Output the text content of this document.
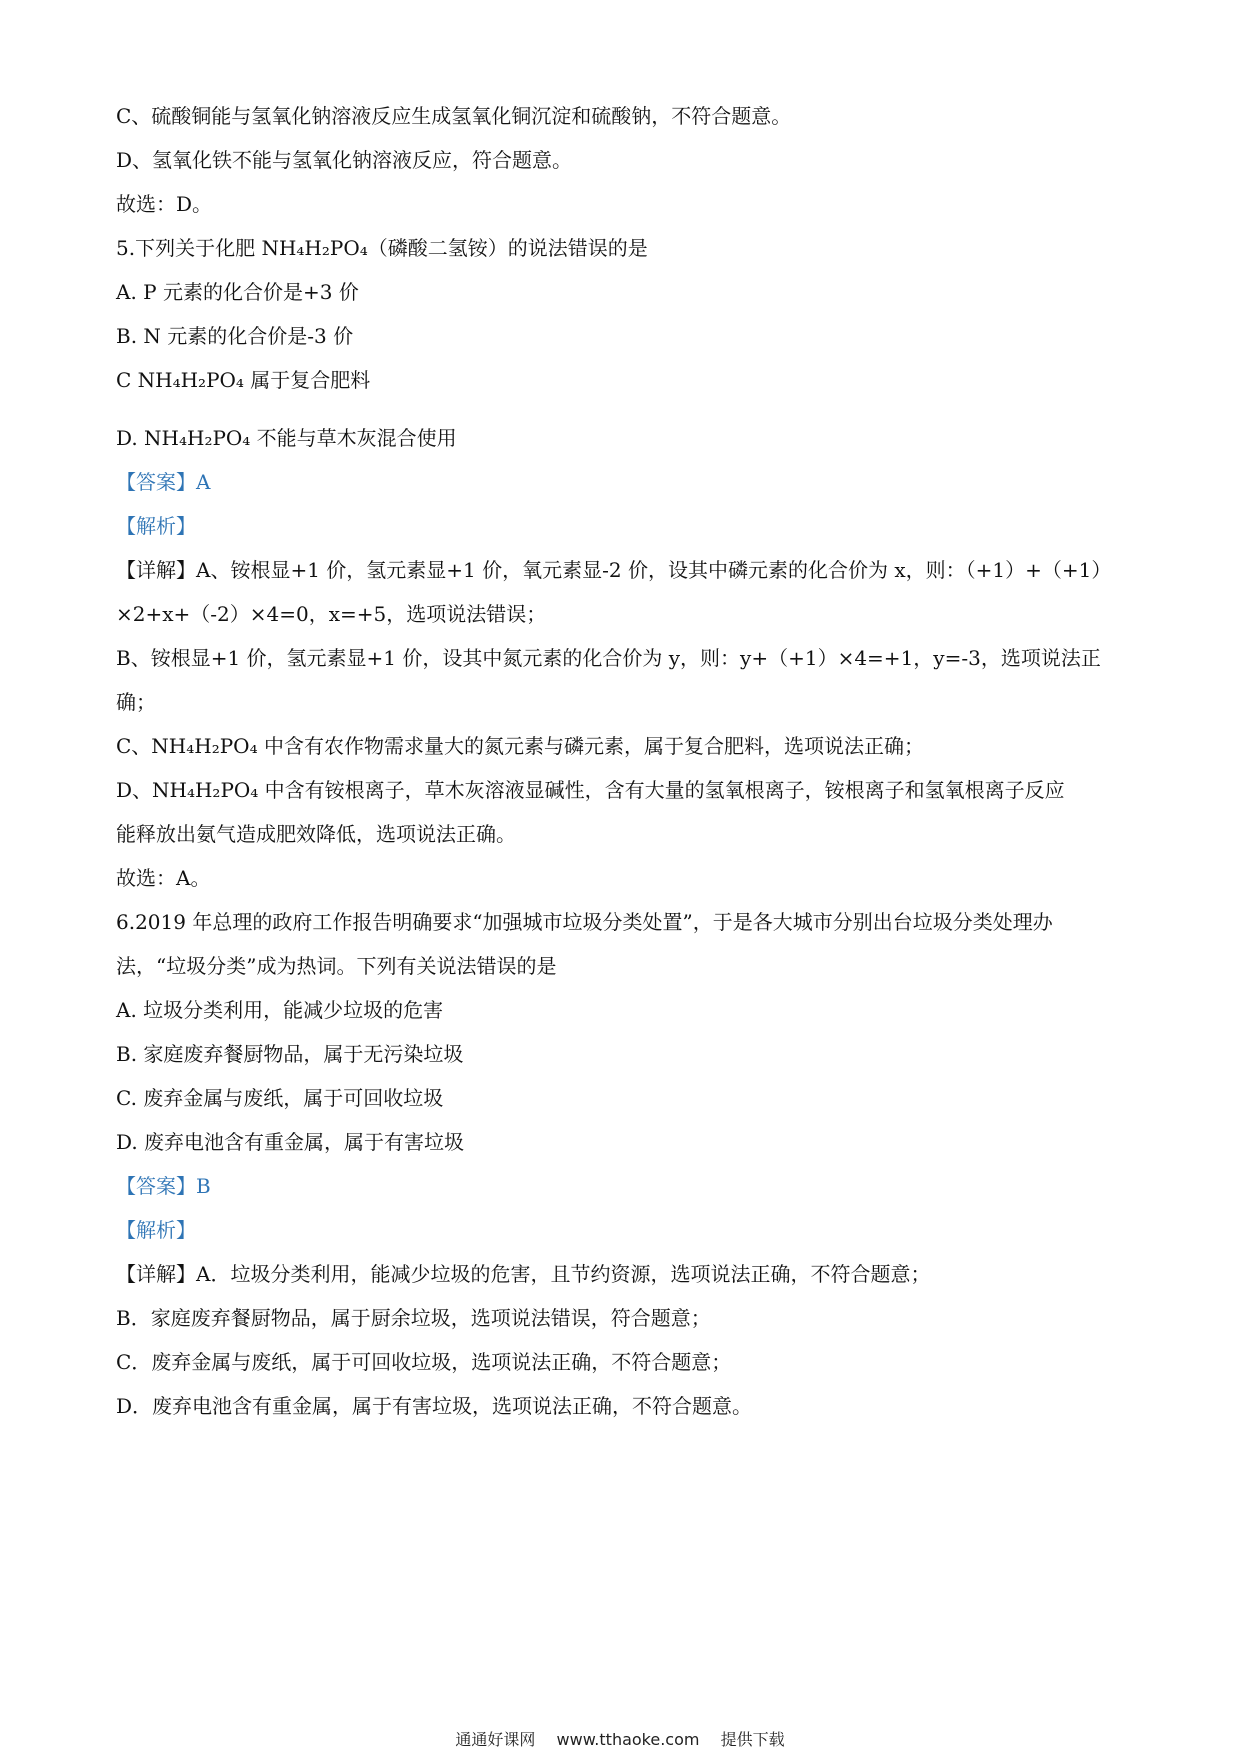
C、硫酸铜能与氢氧化钠溶液反应生成氢氧化铜沉淀和硫酸钠，不符合题意。
D、氢氧化铁不能与氢氧化钠溶液反应，符合题意。
故选：D。
5.下列关于化肥 NH₄H₂PO₄（磷酸二氢铵）的说法错误的是
A. P 元素的化合价是+3 价
B. N 元素的化合价是-3 价
C NH₄H₂PO₄ 属于复合肥料
D. NH₄H₂PO₄ 不能与草木灰混合使用
【答案】A
【解析】
【详解】A、铵根显+1 价，氢元素显+1 价，氧元素显-2 价，设其中磷元素的化合价为 x，则：（+1）+（+1）
×2+x+（-2）×4=0，x=+5，选项说法错误；
B、铵根显+1 价，氢元素显+1 价，设其中氮元素的化合价为 y，则：y+（+1）×4=+1，y=-3，选项说法正
确；
C、NH₄H₂PO₄ 中含有农作物需求量大的氮元素与磷元素，属于复合肥料，选项说法正确；
D、NH₄H₂PO₄ 中含有铵根离子，草木灰溶液显碱性，含有大量的氢氧根离子，铵根离子和氢氧根离子反应
能释放出氨气造成肥效降低，选项说法正确。
故选：A。
6.2019 年总理的政府工作报告明确要求“加强城市垃圾分类处置”，于是各大城市分别出台垃圾分类处理办
法，“垃圾分类”成为热词。下列有关说法错误的是
A. 垃圾分类利用，能减少垃圾的危害
B. 家庭废弃餐厨物品，属于无污染垃圾
C. 废弃金属与废纸，属于可回收垃圾
D. 废弃电池含有重金属，属于有害垃圾
【答案】B
【解析】
【详解】A．垃圾分类利用，能减少垃圾的危害，且节约资源，选项说法正确，不符合题意；
B．家庭废弃餐厨物品，属于厨余垃圾，选项说法错误，符合题意；
C．废弃金属与废纸，属于可回收垃圾，选项说法正确，不符合题意；
D．废弃电池含有重金属，属于有害垃圾，选项说法正确，不符合题意。
通通好课网 www.tthaoke.com 提供下载
